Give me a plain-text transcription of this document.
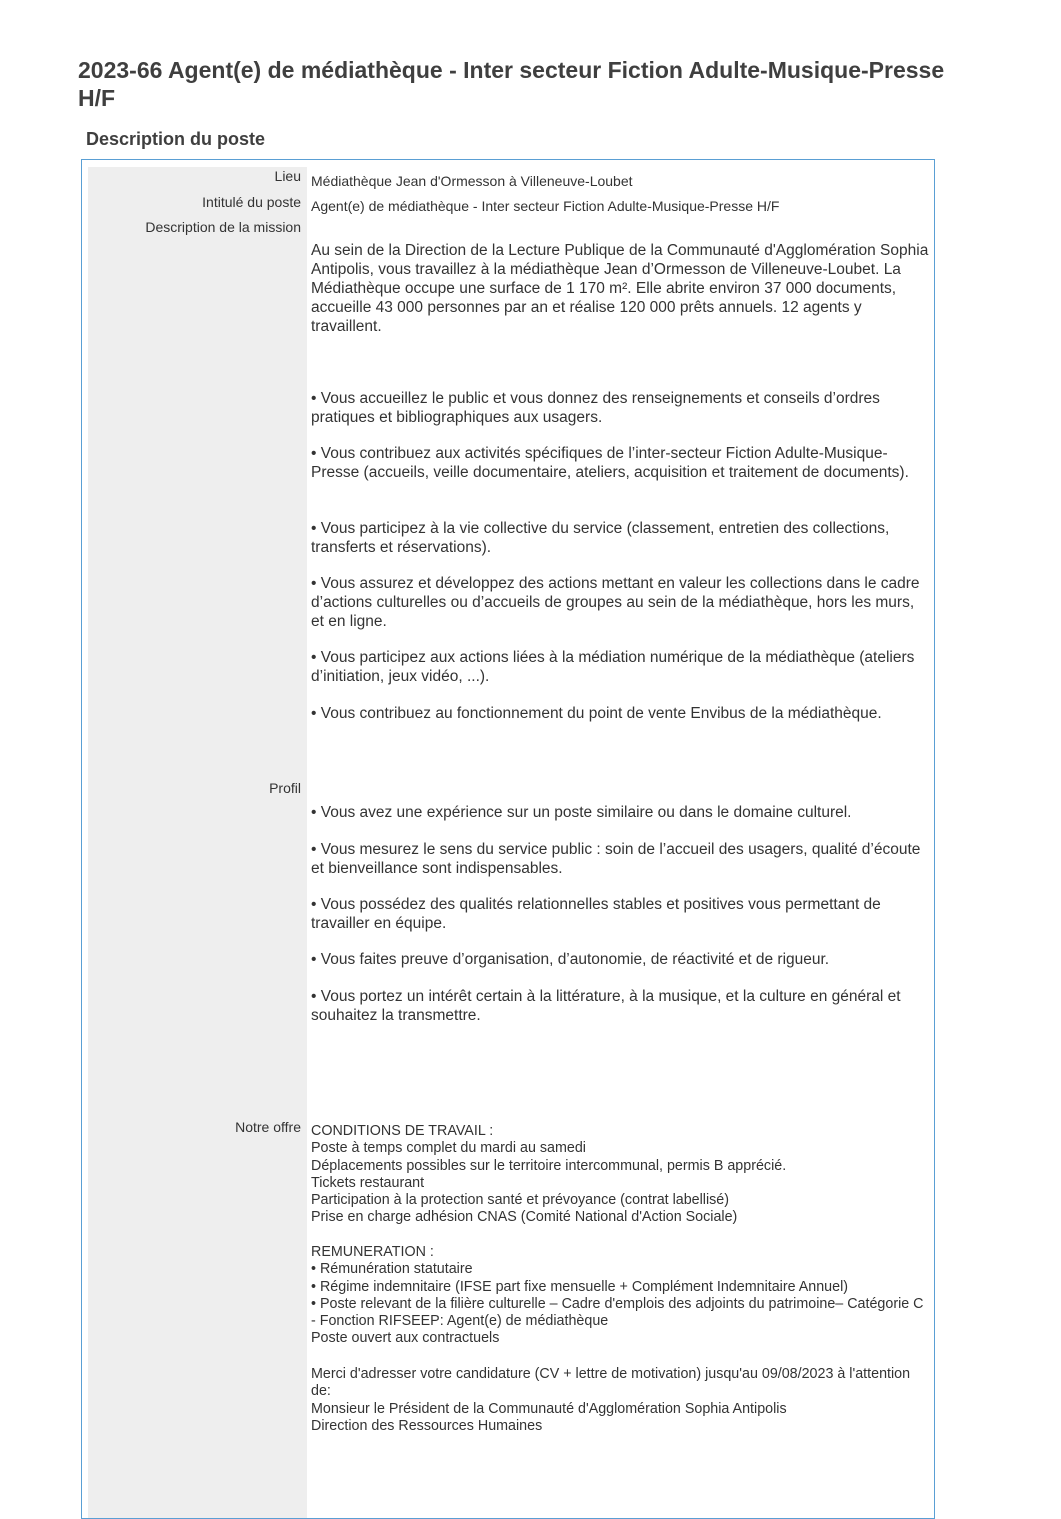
2023-66 Agent(e) de médiathèque - Inter secteur Fiction Adulte-Musique-Presse H/F
Description du poste
Lieu
Intitulé du poste
Description de la mission
Profil
Notre offre

Médiathèque Jean d'Ormesson à Villeneuve-Loubet

Agent(e) de médiathèque - Inter secteur Fiction Adulte-Musique-Presse H/F

Au sein de la Direction de la Lecture Publique de la Communauté d'Agglomération Sophia Antipolis, vous travaillez à la médiathèque Jean d’Ormesson de Villeneuve-Loubet. La Médiathèque occupe une surface de 1 170 m². Elle abrite environ 37 000 documents, accueille 43 000 personnes par an et réalise 120 000 prêts annuels. 12 agents y travaillent.

• Vous accueillez le public et vous donnez des renseignements et conseils d’ordres pratiques et bibliographiques aux usagers.

• Vous contribuez aux activités spécifiques de l’inter-secteur Fiction Adulte-Musique-Presse (accueils, veille documentaire, ateliers, acquisition et traitement de documents).

• Vous participez à la vie collective du service (classement, entretien des collections, transferts et réservations).

• Vous assurez et développez des actions mettant en valeur les collections dans le cadre d’actions culturelles ou d’accueils de groupes au sein de la médiathèque, hors les murs, et en ligne.

• Vous participez aux actions liées à la médiation numérique de la médiathèque (ateliers d’initiation, jeux vidéo, ...).

• Vous contribuez au fonctionnement du point de vente Envibus de la médiathèque.

• Vous avez une expérience sur un poste similaire ou dans le domaine culturel.

• Vous mesurez le sens du service public : soin de l’accueil des usagers, qualité d’écoute et bienveillance sont indispensables.

• Vous possédez des qualités relationnelles stables et positives vous permettant de travailler en équipe.

• Vous faites preuve d’organisation, d’autonomie, de réactivité et de rigueur.

• Vous portez un intérêt certain à la littérature, à la musique, et la culture en général et souhaitez la transmettre.

CONDITIONS DE TRAVAIL :

Poste à temps complet du mardi au samedi

Déplacements possibles sur le territoire intercommunal, permis B apprécié.

Tickets restaurant

Participation à la protection santé et prévoyance (contrat labellisé)

Prise en charge adhésion CNAS (Comité National d'Action Sociale)

REMUNERATION :

• Rémunération statutaire

• Régime indemnitaire (IFSE part fixe mensuelle + Complément Indemnitaire Annuel)

• Poste relevant de la filière culturelle – Cadre d'emplois des adjoints du patrimoine– Catégorie C - Fonction RIFSEEP: Agent(e) de médiathèque

Poste ouvert aux contractuels

Merci d'adresser votre candidature (CV + lettre de motivation) jusqu'au 09/08/2023 à l'attention de:

Monsieur le Président de la Communauté d'Agglomération Sophia Antipolis

Direction des Ressources Humaines
